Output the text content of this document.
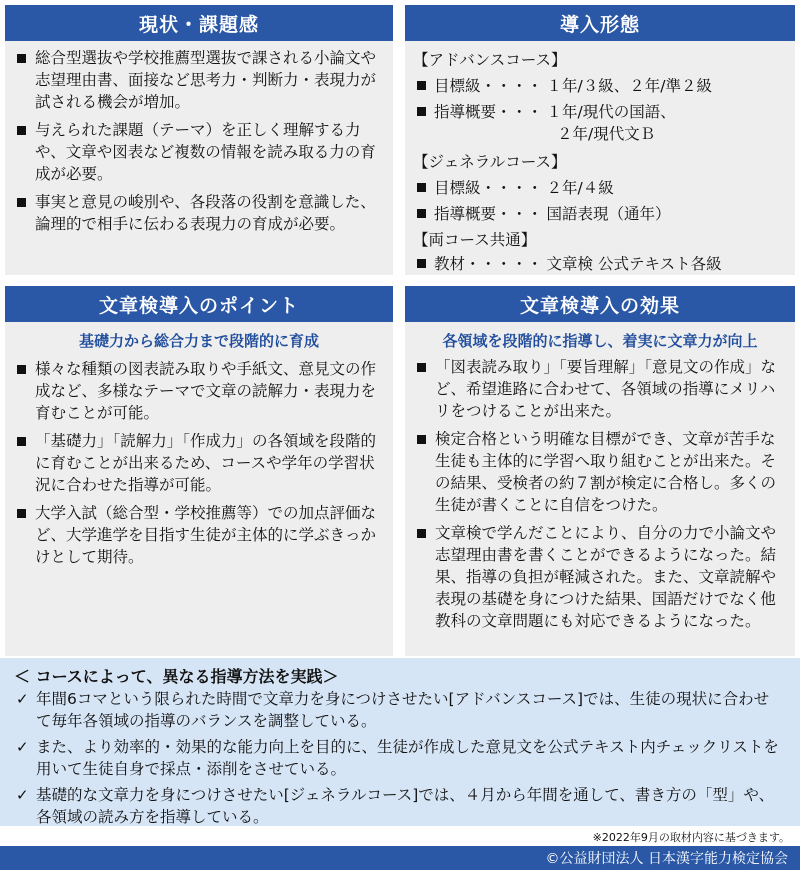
現状・課題感
総合型選抜や学校推薦型選抜で課される小論文や志望理由書、面接など思考力・判断力・表現力が試される機会が増加。
与えられた課題（テーマ）を正しく理解する力や、文章や図表など複数の情報を読み取る力の育成が必要。
事実と意見の峻別や、各段落の役割を意識した、論理的で相手に伝わる表現力の育成が必要。
導入形態
【アドバンスコース】
目標級・・・・ １年/３級、２年/準２級
指導概要・・・ １年/現代の国語、
２年/現代文Ｂ
【ジェネラルコース】
目標級・・・・ ２年/４級
指導概要・・・ 国語表現（通年）
【両コース共通】
教材・・・・・ 文章検 公式テキスト各級
文章検導入のポイント
基礎力から総合力まで段階的に育成
様々な種類の図表読み取りや手紙文、意見文の作成など、多様なテーマで文章の読解力・表現力を育むことが可能。
「基礎力」「読解力」「作成力」の各領域を段階的に育むことが出来るため、コースや学年の学習状況に合わせた指導が可能。
大学入試（総合型・学校推薦等）での加点評価など、大学進学を目指す生徒が主体的に学ぶきっかけとして期待。
文章検導入の効果
各領域を段階的に指導し、着実に文章力が向上
「図表読み取り」「要旨理解」「意見文の作成」など、希望進路に合わせて、各領域の指導にメリハリをつけることが出来た。
検定合格という明確な目標ができ、文章が苦手な生徒も主体的に学習へ取り組むことが出来た。その結果、受検者の約７割が検定に合格し。多くの生徒が書くことに自信をつけた。
文章検で学んだことにより、自分の力で小論文や志望理由書を書くことができるようになった。結果、指導の負担が軽減された。また、文章読解や表現の基礎を身につけた結果、国語だけでなく他教科の文章問題にも対応できるようになった。
＜ コースによって、異なる指導方法を実践＞
✓ 年間6コマという限られた時間で文章力を身につけさせたい[アドバンスコース]では、生徒の現状に合わせて毎年各領域の指導のバランスを調整している。
✓ また、より効率的・効果的な能力向上を目的に、生徒が作成した意見文を公式テキスト内チェックリストを用いて生徒自身で採点・添削をさせている。
✓ 基礎的な文章力を身につけさせたい[ジェネラルコース]では、４月から年間を通して、書き方の「型」や、各領域の読み方を指導している。
※2022年9月の取材内容に基づきます。
©公益財団法人 日本漢字能力検定協会
